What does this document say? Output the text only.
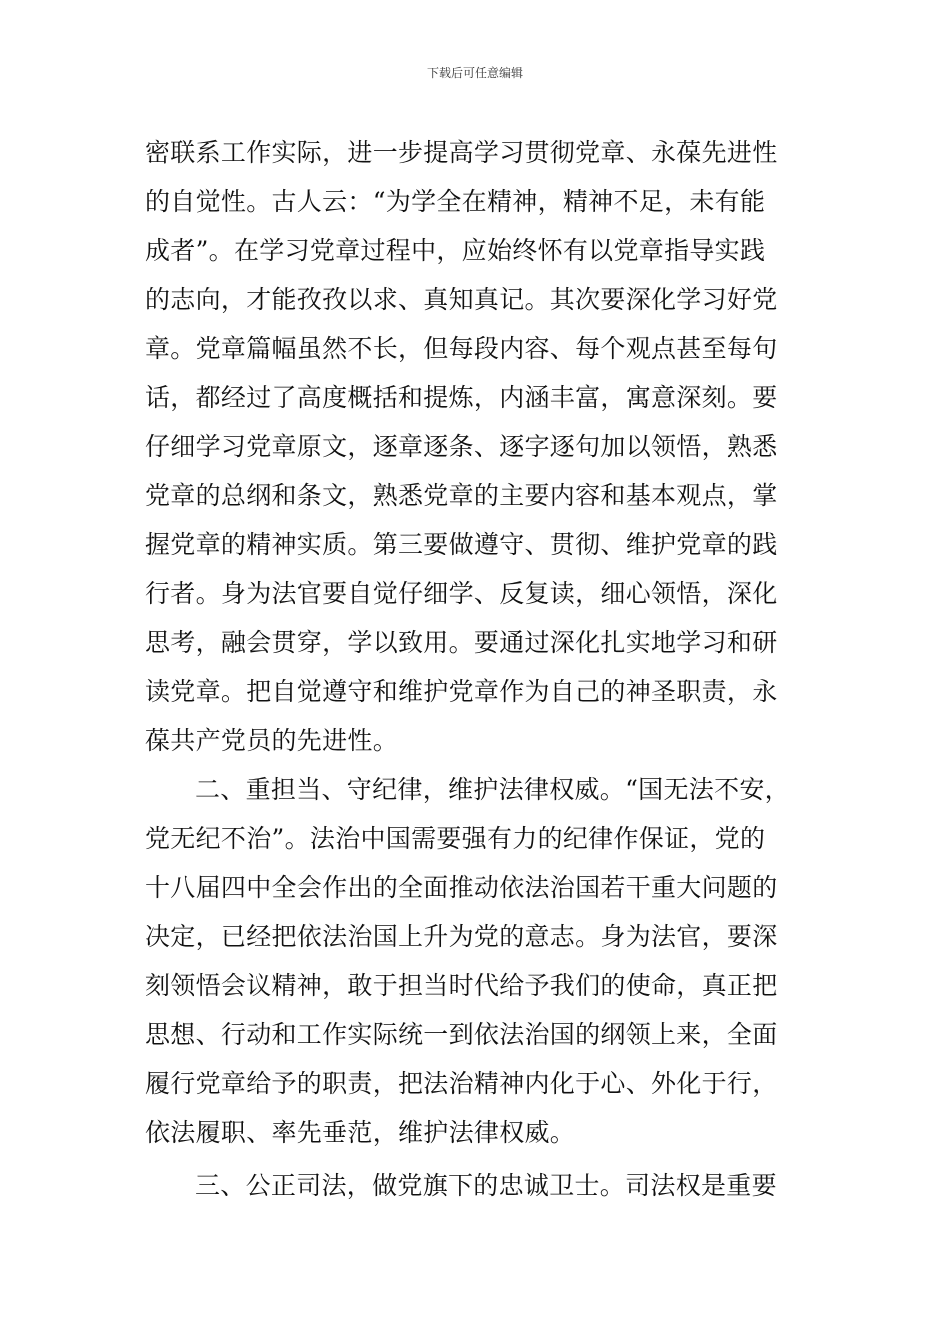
下载后可任意编辑
密联系工作实际，进一步提高学习贯彻党章、永葆先进性
的自觉性。古人云：“为学全在精神，精神不足，未有能
成者”。在学习党章过程中，应始终怀有以党章指导实践
的志向，才能孜孜以求、真知真记。其次要深化学习好党
章。党章篇幅虽然不长，但每段内容、每个观点甚至每句
话，都经过了高度概括和提炼，内涵丰富，寓意深刻。要
仔细学习党章原文，逐章逐条、逐字逐句加以领悟，熟悉
党章的总纲和条文，熟悉党章的主要内容和基本观点，掌
握党章的精神实质。第三要做遵守、贯彻、维护党章的践
行者。身为法官要自觉仔细学、反复读，细心领悟，深化
思考，融会贯穿，学以致用。要通过深化扎实地学习和研
读党章。把自觉遵守和维护党章作为自己的神圣职责，永
葆共产党员的先进性。
二、重担当、守纪律，维护法律权威。“国无法不安，
党无纪不治”。法治中国需要强有力的纪律作保证，党的
十八届四中全会作出的全面推动依法治国若干重大问题的
决定，已经把依法治国上升为党的意志。身为法官，要深
刻领悟会议精神，敢于担当时代给予我们的使命，真正把
思想、行动和工作实际统一到依法治国的纲领上来，全面
履行党章给予的职责，把法治精神内化于心、外化于行，
依法履职、率先垂范，维护法律权威。
三、公正司法，做党旗下的忠诚卫士。司法权是重要
